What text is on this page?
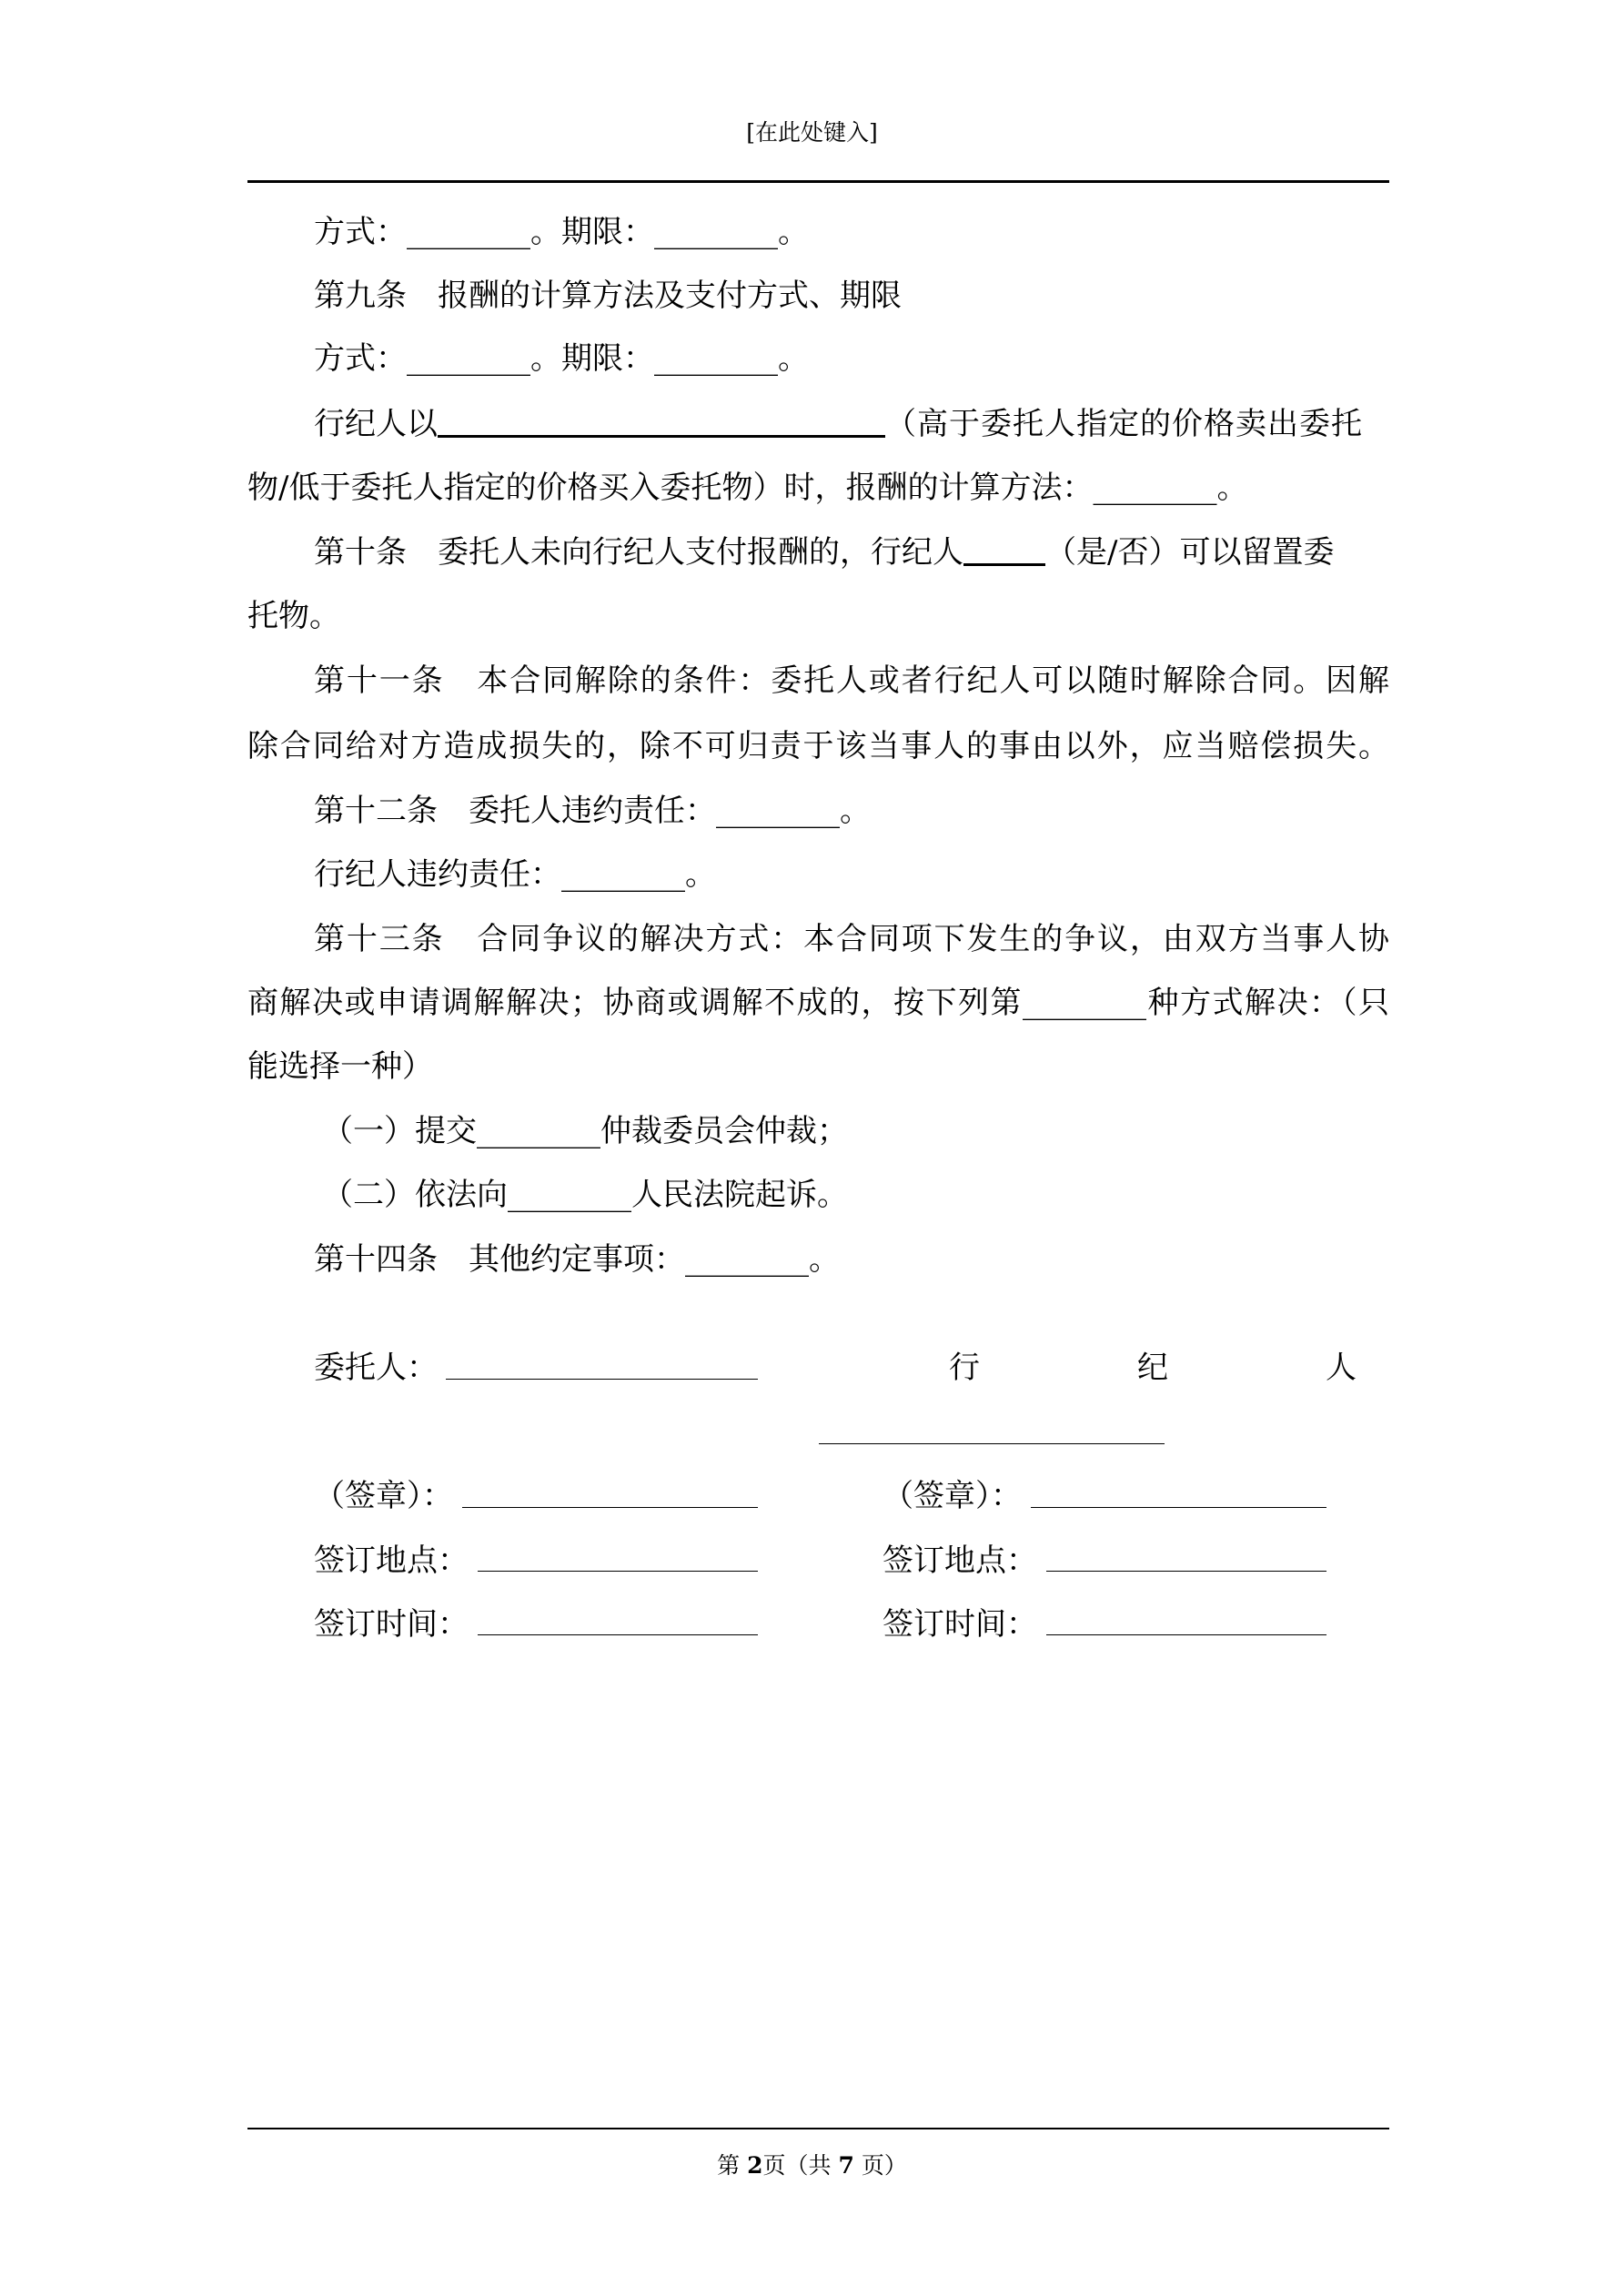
[在此处键入]
方式：________。期限：________。
第九条　报酬的计算方法及支付方式、期限
方式：________。期限：________。
行纪人以	（高于委托人指定的价格卖出委托
物/低于委托人指定的价格买入委托物）时，报酬的计算方法：________。
第十条　委托人未向行纪人支付报酬的，行纪人	（是/否）可以留置委
托物。
第十一条　本合同解除的条件：委托人或者行纪人可以随时解除合同。因解
除合同给对方造成损失的，除不可归责于该当事人的事由以外，应当赔偿损失。
第十二条　委托人违约责任：________。
行纪人违约责任：________。
第十三条　合同争议的解决方式：本合同项下发生的争议，由双方当事人协
商解决或申请调解解决；协商或调解不成的，按下列第________种方式解决：（只
能选择一种）
（一）提交________仲裁委员会仲裁；
（二）依法向________人民法院起诉。
第十四条　其他约定事项：________。
委托人：	行	纪	人
（签章）：	（签章）：
签订地点：	签订地点：
签订时间：	签订时间：
第 2页（共 7 页）
